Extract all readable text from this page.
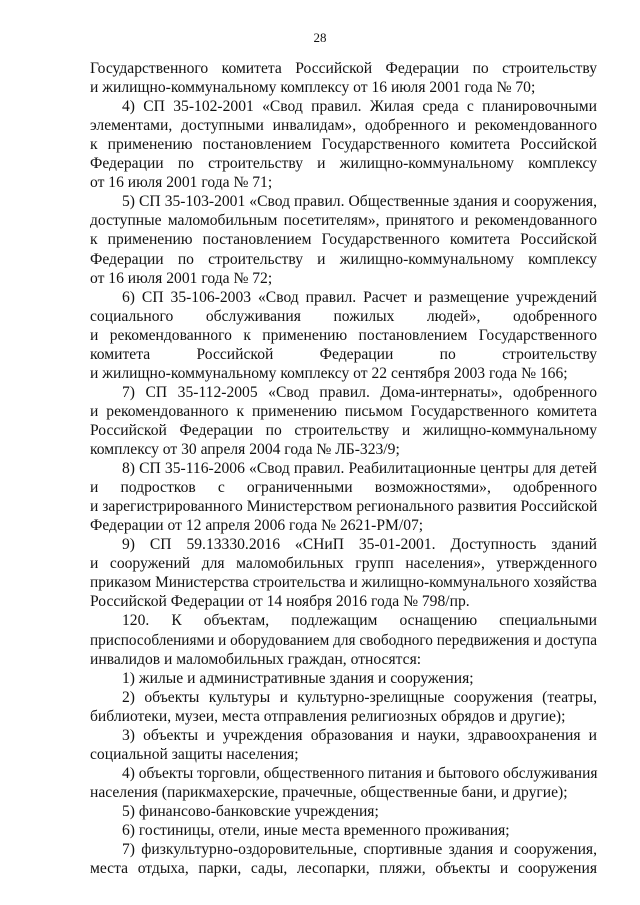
28
Государственного комитета Российской Федерации по строительству
и жилищно-коммунальному комплексу от 16 июля 2001 года № 70;
4) СП 35-102-2001 «Свод правил. Жилая среда с планировочными
элементами, доступными инвалидам», одобренного и рекомендованного
к применению постановлением Государственного комитета Российской
Федерации по строительству и жилищно-коммунальному комплексу
от 16 июля 2001 года № 71;
5) СП 35-103-2001 «Свод правил. Общественные здания и сооружения,
доступные маломобильным посетителям», принятого и рекомендованного
к применению постановлением Государственного комитета Российской
Федерации по строительству и жилищно-коммунальному комплексу
от 16 июля 2001 года № 72;
6) СП 35-106-2003 «Свод правил. Расчет и размещение учреждений
социального обслуживания пожилых людей», одобренного
и рекомендованного к применению постановлением Государственного
комитета Российской Федерации по строительству
и жилищно-коммунальному комплексу от 22 сентября 2003 года № 166;
7) СП 35-112-2005 «Свод правил. Дома-интернаты», одобренного
и рекомендованного к применению письмом Государственного комитета
Российской Федерации по строительству и жилищно-коммунальному
комплексу от 30 апреля 2004 года № ЛБ-323/9;
8) СП 35-116-2006 «Свод правил. Реабилитационные центры для детей
и подростков с ограниченными возможностями», одобренного
и зарегистрированного Министерством регионального развития Российской
Федерации от 12 апреля 2006 года № 2621-РМ/07;
9) СП 59.13330.2016 «СНиП 35-01-2001. Доступность зданий
и сооружений для маломобильных групп населения», утвержденного
приказом Министерства строительства и жилищно-коммунального хозяйства
Российской Федерации от 14 ноября 2016 года № 798/пр.
120. К объектам, подлежащим оснащению специальными
приспособлениями и оборудованием для свободного передвижения и доступа
инвалидов и маломобильных граждан, относятся:
1) жилые и административные здания и сооружения;
2) объекты культуры и культурно-зрелищные сооружения (театры,
библиотеки, музеи, места отправления религиозных обрядов и другие);
3) объекты и учреждения образования и науки, здравоохранения и
социальной защиты населения;
4) объекты торговли, общественного питания и бытового обслуживания
населения (парикмахерские, прачечные, общественные бани, и другие);
5) финансово-банковские учреждения;
6) гостиницы, отели, иные места временного проживания;
7) физкультурно-оздоровительные, спортивные здания и сооружения,
места отдыха, парки, сады, лесопарки, пляжи, объекты и сооружения
